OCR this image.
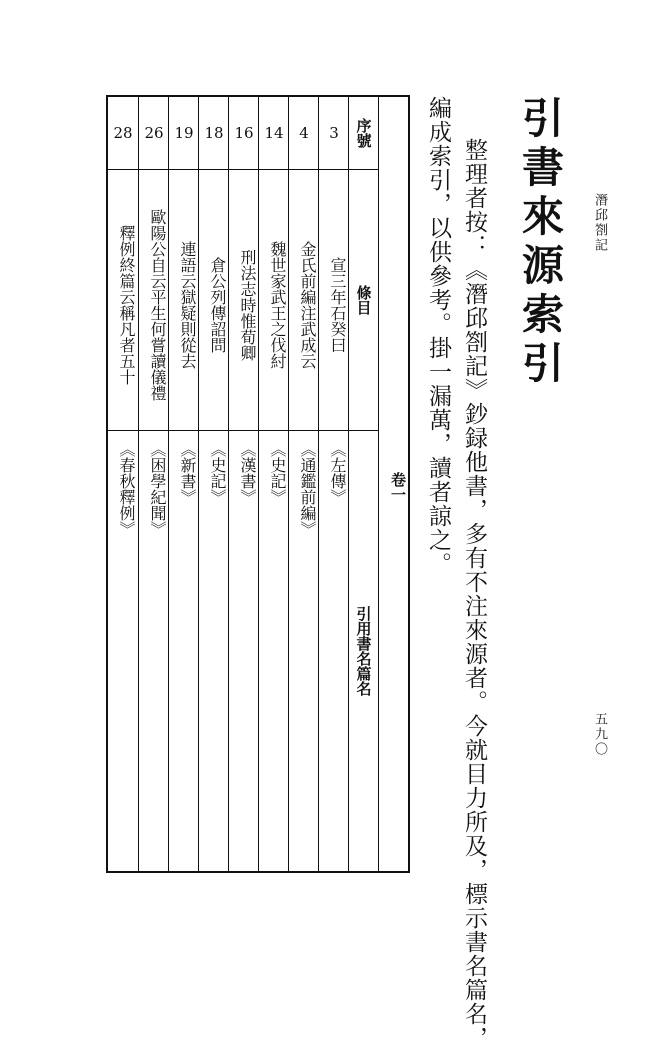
潛邱劄記
五九〇
引書來源索引
整理者按：《潛邱劄記》鈔録他書，多有不注來源者。今就目力所及，標示書名篇名，
編成索引，以供參考。掛一漏萬，讀者諒之。
28
釋例終篇云稱凡者五十
《春秋釋例》
26
歐陽公自云平生何嘗讀儀禮
《困學紀聞》
19
連語云獄疑則從去
《新書》
18
倉公列傳詔問
《史記》
16
刑法志時惟荀卿
《漢書》
14
魏世家武王之伐紂
《史記》
4
金氏前編注武成云
《通鑑前編》
3
宣三年石癸曰
《左傳》
序號
條目
引用書名篇名
卷一
